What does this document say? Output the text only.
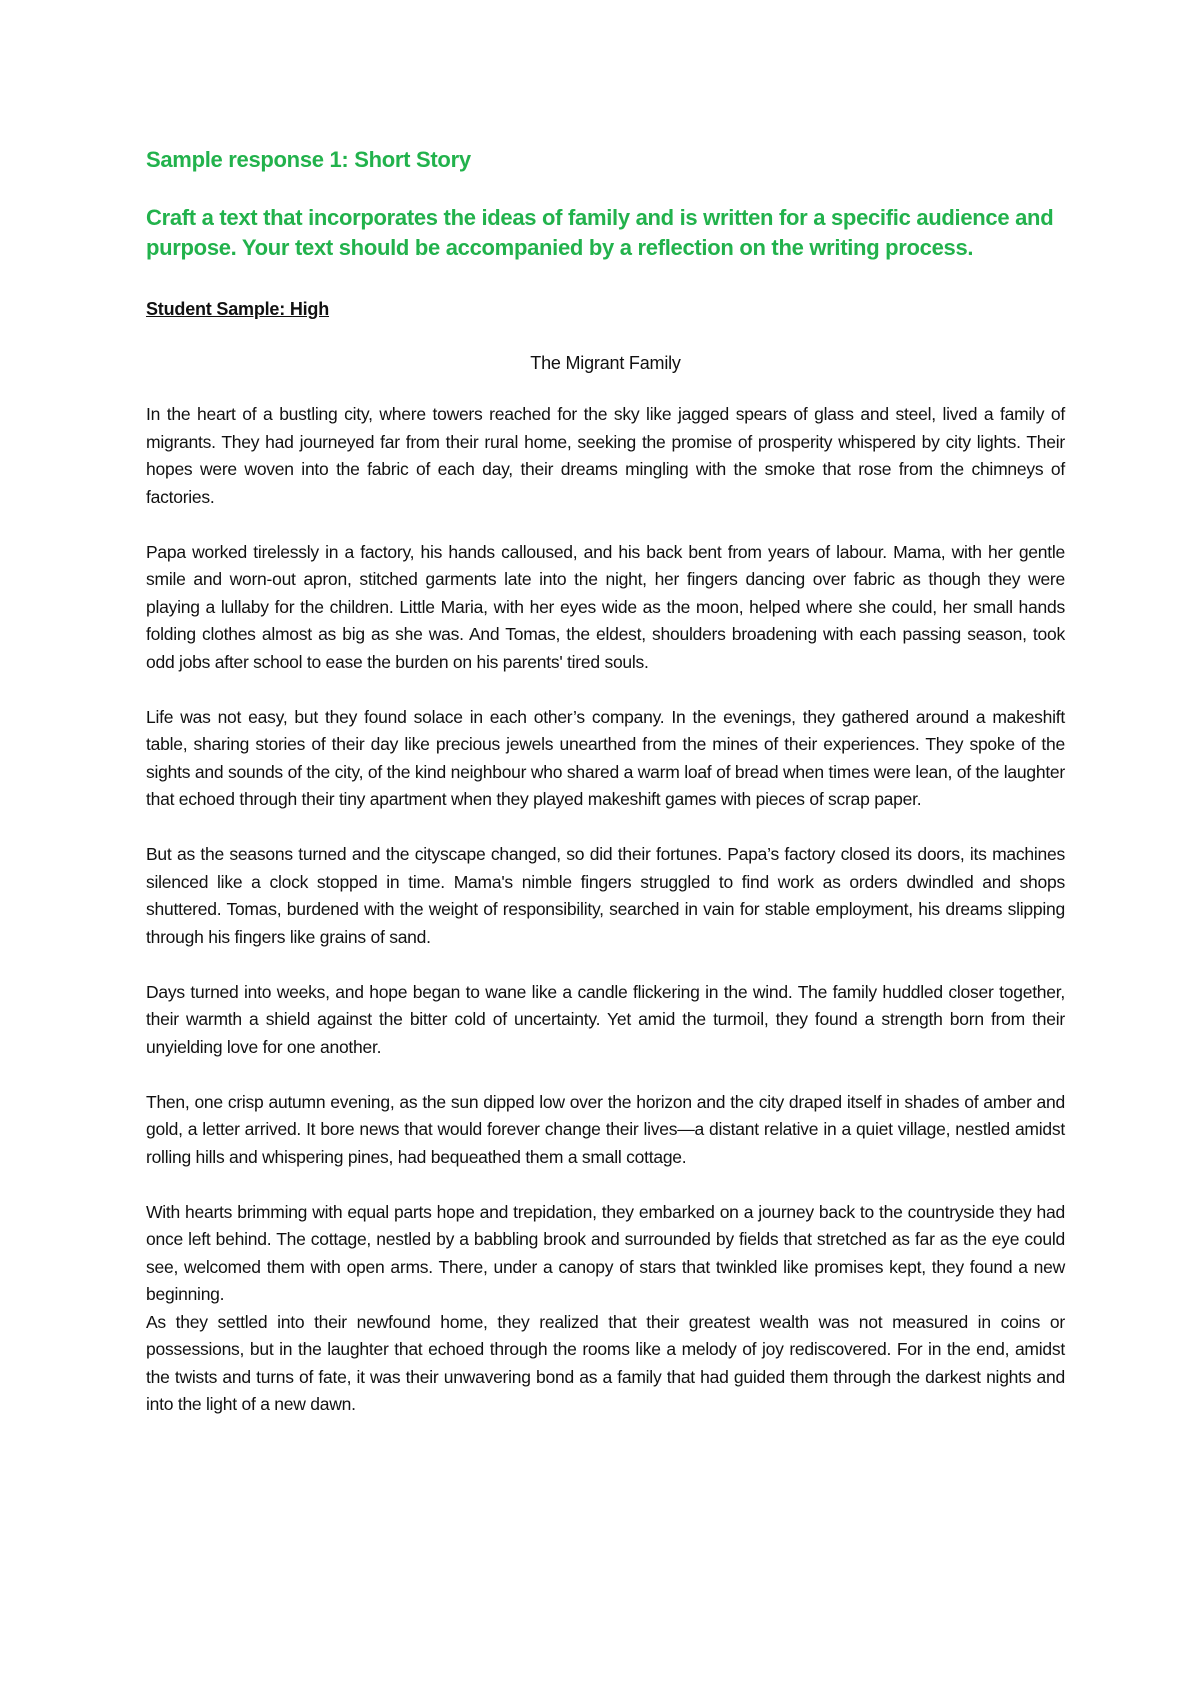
Sample response 1: Short Story
Craft a text that incorporates the ideas of family and is written for a specific audience and purpose. Your text should be accompanied by a reflection on the writing process.
Student Sample: High
The Migrant Family

In the heart of a bustling city, where towers reached for the sky like jagged spears of glass and steel, lived a family of migrants. They had journeyed far from their rural home, seeking the promise of prosperity whispered by city lights. Their hopes were woven into the fabric of each day, their dreams mingling with the smoke that rose from the chimneys of factories.

Papa worked tirelessly in a factory, his hands calloused, and his back bent from years of labour. Mama, with her gentle smile and worn-out apron, stitched garments late into the night, her fingers dancing over fabric as though they were playing a lullaby for the children. Little Maria, with her eyes wide as the moon, helped where she could, her small hands folding clothes almost as big as she was. And Tomas, the eldest, shoulders broadening with each passing season, took odd jobs after school to ease the burden on his parents' tired souls.

Life was not easy, but they found solace in each other’s company. In the evenings, they gathered around a makeshift table, sharing stories of their day like precious jewels unearthed from the mines of their experiences. They spoke of the sights and sounds of the city, of the kind neighbour who shared a warm loaf of bread when times were lean, of the laughter that echoed through their tiny apartment when they played makeshift games with pieces of scrap paper.

But as the seasons turned and the cityscape changed, so did their fortunes. Papa’s factory closed its doors, its machines silenced like a clock stopped in time. Mama's nimble fingers struggled to find work as orders dwindled and shops shuttered. Tomas, burdened with the weight of responsibility, searched in vain for stable employment, his dreams slipping through his fingers like grains of sand.

Days turned into weeks, and hope began to wane like a candle flickering in the wind. The family huddled closer together, their warmth a shield against the bitter cold of uncertainty. Yet amid the turmoil, they found a strength born from their unyielding love for one another.

Then, one crisp autumn evening, as the sun dipped low over the horizon and the city draped itself in shades of amber and gold, a letter arrived. It bore news that would forever change their lives—a distant relative in a quiet village, nestled amidst rolling hills and whispering pines, had bequeathed them a small cottage.

With hearts brimming with equal parts hope and trepidation, they embarked on a journey back to the countryside they had once left behind. The cottage, nestled by a babbling brook and surrounded by fields that stretched as far as the eye could see, welcomed them with open arms. There, under a canopy of stars that twinkled like promises kept, they found a new beginning.

As they settled into their newfound home, they realized that their greatest wealth was not measured in coins or possessions, but in the laughter that echoed through the rooms like a melody of joy rediscovered. For in the end, amidst the twists and turns of fate, it was their unwavering bond as a family that had guided them through the darkest nights and into the light of a new dawn.
